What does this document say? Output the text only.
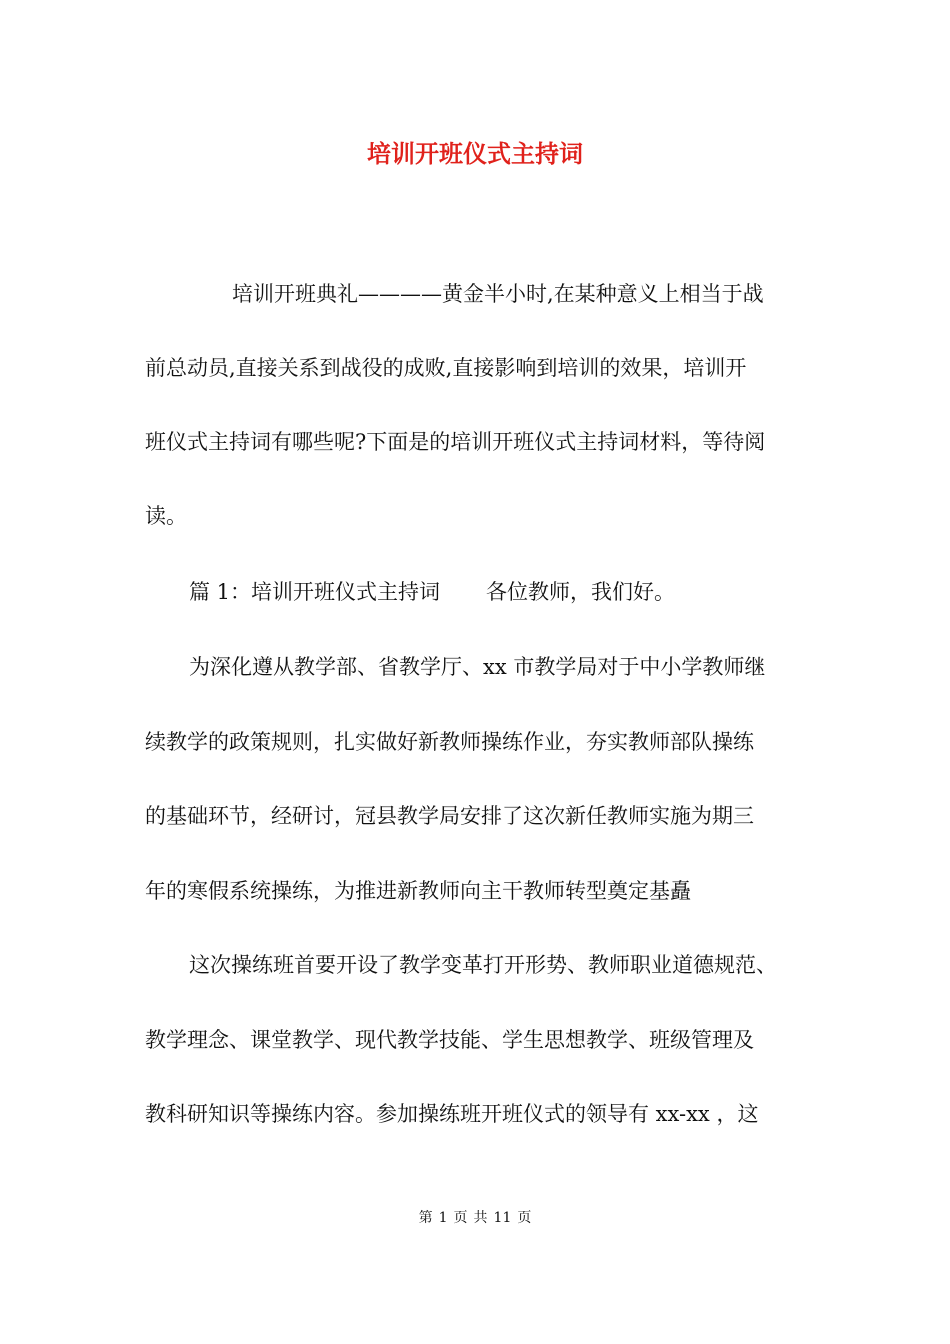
培训开班仪式主持词
培训开班典礼————黄金半小时,在某种意义上相当于战
前总动员,直接关系到战役的成败,直接影响到培训的效果，培训开
班仪式主持词有哪些呢?下面是的培训开班仪式主持词材料，等待阅
读。
篇 1：培训开班仪式主持词 各位教师，我们好。
为深化遵从教学部、省教学厅、xx 市教学局对于中小学教师继
续教学的政策规则，扎实做好新教师操练作业，夯实教师部队操练
的基础环节，经研讨，冠县教学局安排了这次新任教师实施为期三
年的寒假系统操练，为推进新教师向主干教师转型奠定基矗
这次操练班首要开设了教学变革打开形势、教师职业道德规范、
教学理念、课堂教学、现代教学技能、学生思想教学、班级管理及
教科研知识等操练内容。参加操练班开班仪式的领导有 xx-xx ，这
第 1 页 共 11 页
